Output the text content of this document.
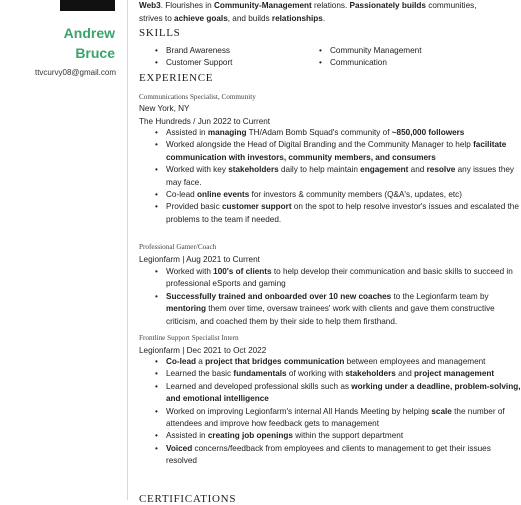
Andrew
Bruce
ttvcurvy08@gmail.com
Web3. Flourishes in Community-Management relations. Passionately builds communities, strives to achieve goals, and builds relationships.
SKILLS
• Brand Awareness	• Community Management
• Customer Support	• Communication
EXPERIENCE
Communications Specialist, Community
New York, NY
The Hundreds / Jun 2022 to Current
• Assisted in managing TH/Adam Bomb Squad's community of ~850,000 followers
• Worked alongside the Head of Digital Branding and the Community Manager to help facilitate communication with investors, community members, and consumers
• Worked with key stakeholders daily to help maintain engagement and resolve any issues they may face.
• Co-lead online events for investors & community members (Q&A's, updates, etc)
• Provided basic customer support on the spot to help resolve investor's issues and escalated the problems to the team if needed.
Professional Gamer/Coach
Legionfarm | Aug 2021 to Current
• Worked with 100's of clients to help develop their communication and basic skills to succeed in professional eSports and gaming
• Successfully trained and onboarded over 10 new coaches to the Legionfarm team by mentoring them over time, oversaw trainees' work with clients and gave them constructive criticism, and coached them by their side to help them firsthand.
Frontline Support Specialist Intern
Legionfarm | Dec 2021 to Oct 2022
• Co-lead a project that bridges communication between employees and management
• Learned the basic fundamentals of working with stakeholders and project management
• Learned and developed professional skills such as working under a deadline, problem-solving, and emotional intelligence
• Worked on improving Legionfarm's internal All Hands Meeting by helping scale the number of attendees and improve how feedback gets to management
• Assisted in creating job openings within the support department
• Voiced concerns/feedback from employees and clients to management to get their issues resolved
CERTIFICATIONS
